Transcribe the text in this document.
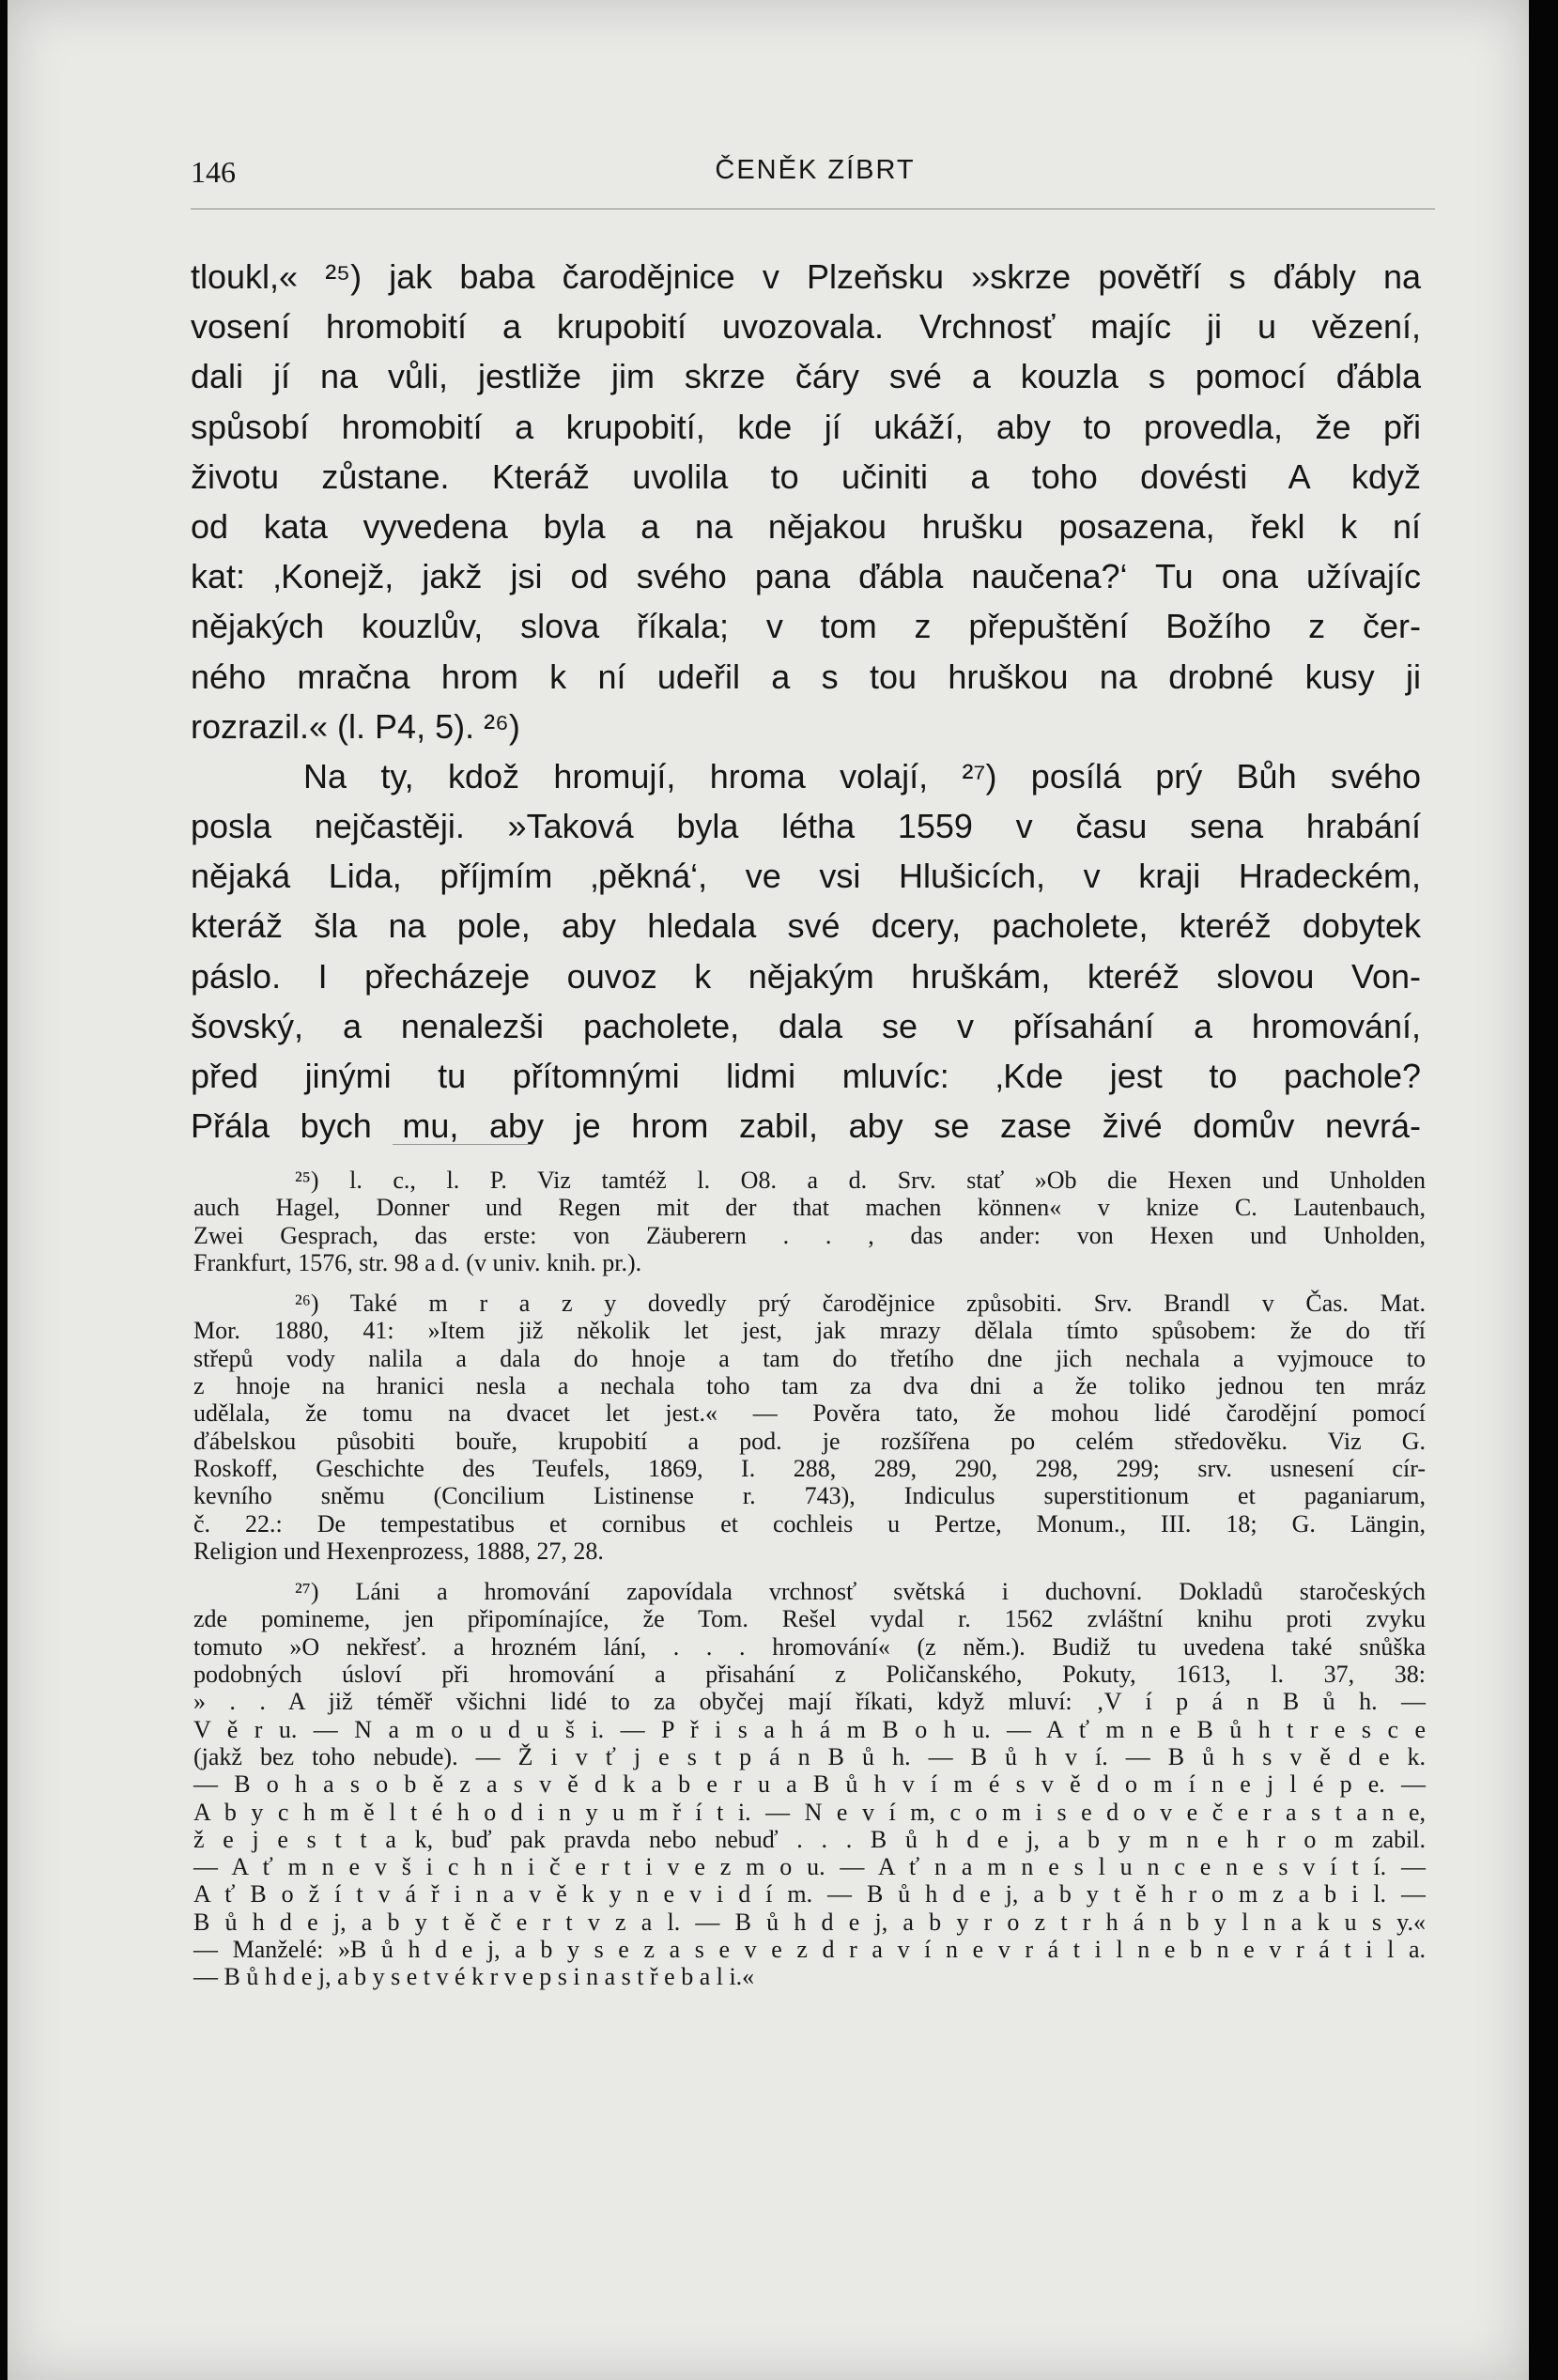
146	ČENĚK ZÍBRT
tloukl,« ²⁵) jak baba čarodějnice v Plzeňsku »skrze povětří s ďábly na
vosení hromobití a krupobití uvozovala. Vrchnosť majíc ji u vězení,
dali jí na vůli, jestliže jim skrze čáry své a kouzla s pomocí ďábla
spůsobí hromobití a krupobití, kde jí ukáží, aby to provedla, že při
životu zůstane. Kteráž uvolila to učiniti a toho dovésti A když
od kata vyvedena byla a na nějakou hrušku posazena, řekl k ní
kat: ‚Konejž, jakž jsi od svého pana ďábla naučena?‘ Tu ona užívajíc
nějakých kouzlův, slova říkala; v tom z přepuštění Božího z čer-
ného mračna hrom k ní udeřil a s tou hruškou na drobné kusy ji
rozrazil.« (l. P4, 5). ²⁶)
Na ty, kdož hromují, hroma volají, ²⁷) posílá prý Bůh svého
posla nejčastěji. »Taková byla létha 1559 v času sena hrabání
nějaká Lida, příjmím ‚pěkná‘, ve vsi Hlušicích, v kraji Hradeckém,
kteráž šla na pole, aby hledala své dcery, pacholete, kteréž dobytek
páslo. I přecházeje ouvoz k nějakým hruškám, kteréž slovou Von-
šovský, a nenalezši pacholete, dala se v přísahání a hromování,
před jinými tu přítomnými lidmi mluvíc: ‚Kde jest to pachole?
Přála bych mu, aby je hrom zabil, aby se zase živé domův nevrá-
²⁵) l. c., l. P. Viz tamtéž l. O8. a d. Srv. stať »Ob die Hexen und Unholden
auch Hagel, Donner und Regen mit der that machen können« v knize C. Lautenbauch,
Zwei Gesprach, das erste: von Zäuberern . . , das ander: von Hexen und Unholden,
Frankfurt, 1576, str. 98 a d. (v univ. knih. pr.).
²⁶) Také m r a z y dovedly prý čarodějnice způsobiti. Srv. Brandl v Čas. Mat.
Mor. 1880, 41: »Item již několik let jest, jak mrazy dělala tímto spůsobem: že do tří
střepů vody nalila a dala do hnoje a tam do třetího dne jich nechala a vyjmouce to
z hnoje na hranici nesla a nechala toho tam za dva dni a že toliko jednou ten mráz
udělala, že tomu na dvacet let jest.« — Pověra tato, že mohou lidé čarodějní pomocí
ďábelskou působiti bouře, krupobití a pod. je rozšířena po celém středověku. Viz G.
Roskoff, Geschichte des Teufels, 1869, I. 288, 289, 290, 298, 299; srv. usnesení cír-
kevního sněmu (Concilium Listinense r. 743), Indiculus superstitionum et paganiarum,
č. 22.: De tempestatibus et cornibus et cochleis u Pertze, Monum., III. 18; G. Längin,
Religion und Hexenprozess, 1888, 27, 28.
²⁷) Láni a hromování zapovídala vrchnosť světská i duchovní. Dokladů staročeských
zde pomineme, jen připomínajíce, že Tom. Rešel vydal r. 1562 zvláštní knihu proti zvyku
tomuto »O nekřesť. a hrozném lání, . . . hromování« (z něm.). Budiž tu uvedena také snůška
podobných úsloví při hromování a přisahání z Poličanského, Pokuty, 1613, l. 37, 38:
» . . A již téměř všichni lidé to za obyčej mají říkati, když mluví: ‚V í p á n B ů h. —
V ě r u. — N a m o u d u š i. — P ř i s a h á m B o h u. — A ť m n e B ů h t r e s c e
(jakž bez toho nebude). — Ž i v ť j e s t p á n B ů h. — B ů h v í. — B ů h s v ě d e k.
— B o h a s o b ě z a s v ě d k a b e r u a B ů h v í m é s v ě d o m í n e j l é p e. —
A b y c h m ě l t é h o d i n y u m ř í t i. — N e v í m, c o m i s e d o v e č e r a s t a n e,
ž e j e s t t a k, buď pak pravda nebo nebuď . . . B ů h d e j, a b y m n e h r o m zabil.
— A ť m n e v š i c h n i č e r t i v e z m o u. — A ť n a m n e s l u n c e n e s v í t í. —
A ť B o ž í t v á ř i n a v ě k y n e v i d í m. — B ů h d e j, a b y t ě h r o m z a b i l. —
B ů h d e j, a b y t ě č e r t v z a l. — B ů h d e j, a b y r o z t r h á n b y l n a k u s y.«
— Manželé: »B ů h d e j, a b y s e z a s e v e z d r a v í n e v r á t i l n e b n e v r á t i l a.
— B ů h d e j, a b y s e t v é k r v e p s i n a s t ř e b a l i.«
